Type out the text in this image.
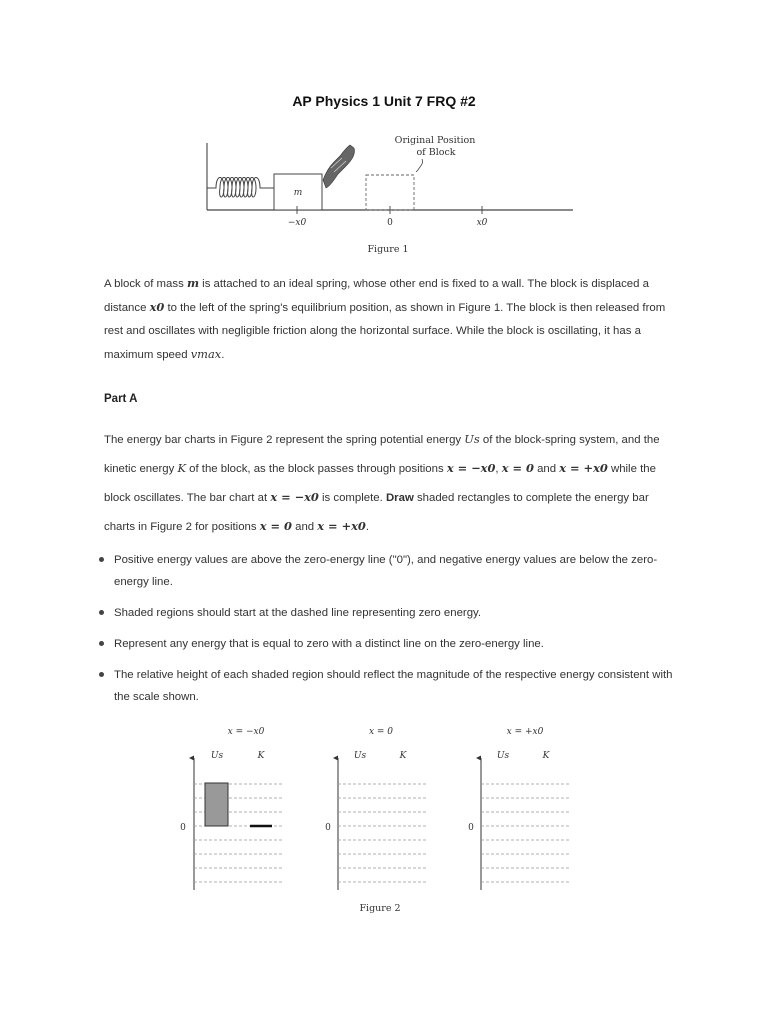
AP Physics 1 Unit 7 FRQ #2
m
Original Position
of Block
−x0	0	x0
Figure 1
A block of mass m is attached to an ideal spring, whose other end is fixed to a wall. The block is displaced a distance x0 to the left of the spring's equilibrium position, as shown in Figure 1. The block is then released from rest and oscillates with negligible friction along the horizontal surface. While the block is oscillating, it has a maximum speed vmax.
Part A
The energy bar charts in Figure 2 represent the spring potential energy Us of the block-spring system, and the kinetic energy K of the block, as the block passes through positions x = −x0, x = 0 and x = +x0 while the block oscillates. The bar chart at x = −x0 is complete. Draw shaded rectangles to complete the energy bar charts in Figure 2 for positions x = 0 and x = +x0.
Positive energy values are above the zero-energy line ("0"), and negative energy values are below the zero-energy line.
Shaded regions should start at the dashed line representing zero energy.
Represent any energy that is equal to zero with a distinct line on the zero-energy line.
The relative height of each shaded region should reflect the magnitude of the respective energy consistent with the scale shown.
x = −x0
Us	K
0
x = 0
Us	K
0
x = +x0
Us	K
0
Figure 2
